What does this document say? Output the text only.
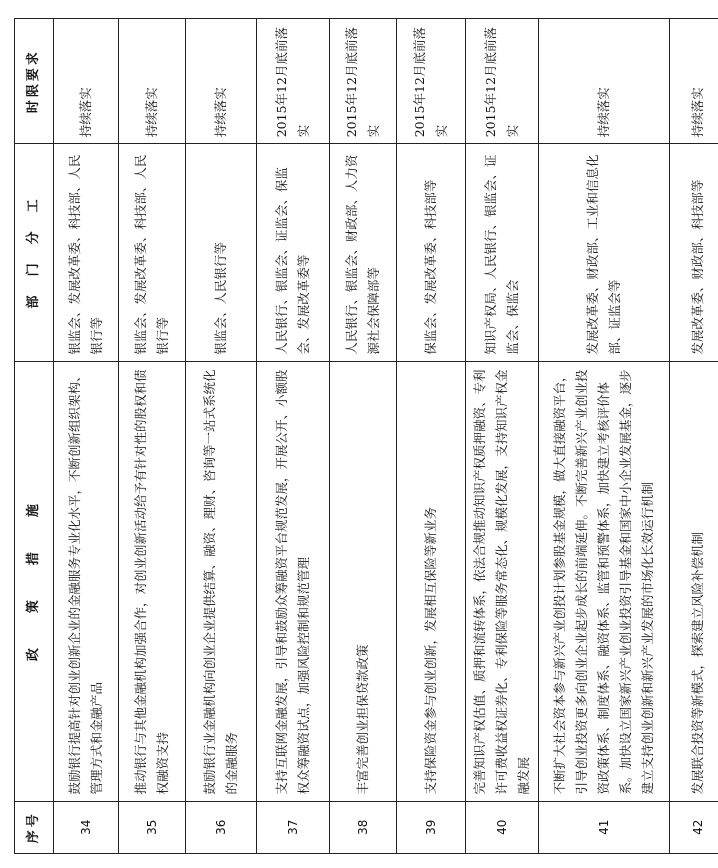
序号	政　　策　　措　　施	部　门　分　工	时限要求
34	鼓励银行提高针对创业创新企业的金融服务专业化水平，不断创新组织架构、管理方式和金融产品	银监会、发展改革委、科技部、人民银行等	持续落实
35	推动银行与其他金融机构加强合作，对创业创新活动给予有针对性的股权和债权融资支持	银监会、发展改革委、科技部、人民银行等	持续落实
36	鼓励银行业金融机构向创业企业提供结算、融资、理财、咨询等一站式系统化的金融服务	银监会、人民银行等	持续落实
37	支持互联网金融发展，引导和鼓励众筹融资平台规范发展，开展公开、小额股权众筹融资试点，加强风险控制和规范管理	人民银行、银监会、证监会、保监会、发展改革委等	2015年12月底前落实
38	丰富完善创业担保贷款政策	人民银行、银监会、财政部、人力资源社会保障部等	2015年12月底前落实
39	支持保险资金参与创业创新，发展相互保险等新业务	保监会、发展改革委、科技部等	2015年12月底前落实
40	完善知识产权估值、质押和流转体系，依法合规推动知识产权质押融资、专利许可费收益权证券化、专利保险等服务常态化、规模化发展，支持知识产权金融发展	知识产权局、人民银行、银监会、证监会、保监会	2015年12月底前落实
41	不断扩大社会资本参与新兴产业创投计划参股基金规模，做大直接融资平台，引导创业投资更多向创业企业起步成长的前端延伸。不断完善新兴产业创业投资政策体系、制度体系、融资体系、监管和预警体系，加快建立考核评价体系。加快设立国家新兴产业创业投资引导基金和国家中小企业发展基金，逐步建立支持创业创新和新兴产业发展的市场化长效运行机制	发展改革委、财政部、工业和信息化部、证监会等	持续落实
42	发展联合投资等新模式，探索建立风险补偿机制	发展改革委、财政部、科技部等	持续落实
